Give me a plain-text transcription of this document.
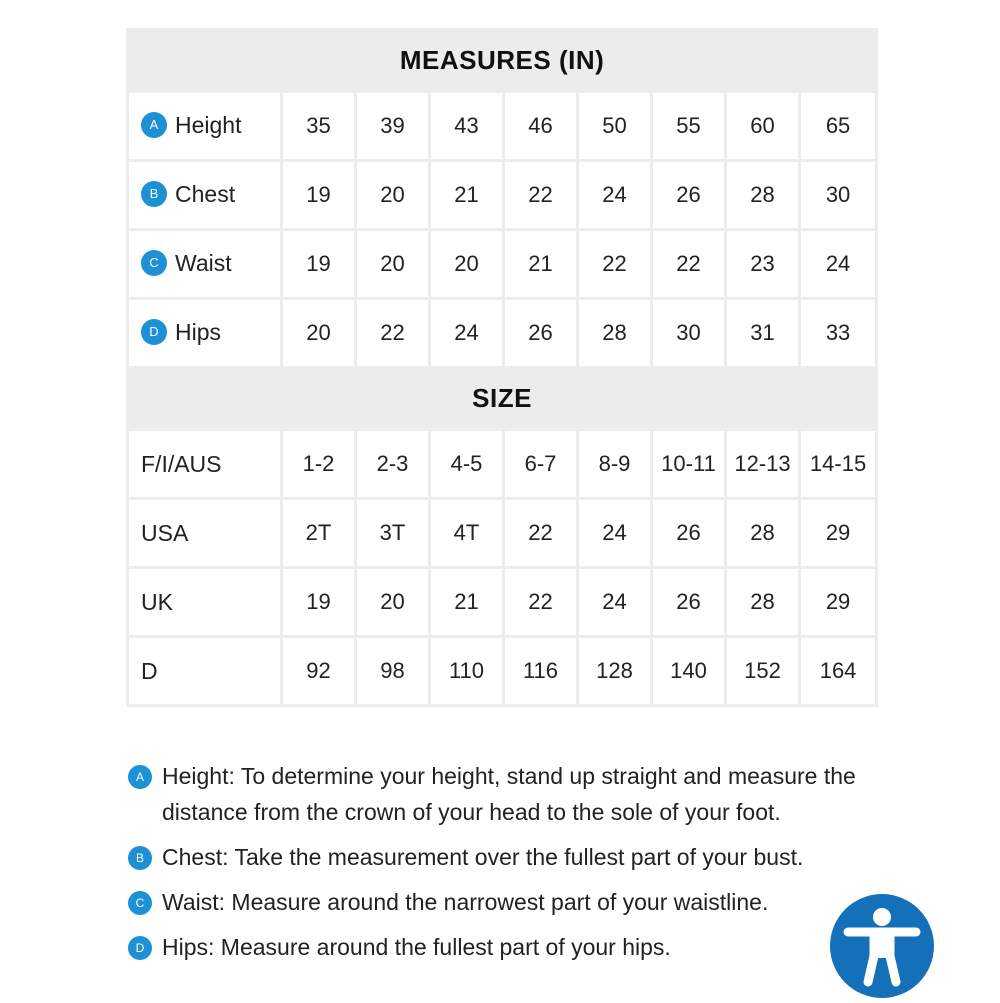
MEASURES (IN)								
A Height	35	39	43	46	50	55	60	65
B Chest	19	20	21	22	24	26	28	30
C Waist	19	20	20	21	22	22	23	24
D Hips	20	22	24	26	28	30	31	33
SIZE								
F/I/AUS	1-2	2-3	4-5	6-7	8-9	10-11	12-13	14-15
USA	2T	3T	4T	22	24	26	28	29
UK	19	20	21	22	24	26	28	29
D	92	98	110	116	128	140	152	164
A Height: To determine your height, stand up straight and measure the distance from the crown of your head to the sole of your foot.
B Chest: Take the measurement over the fullest part of your bust.
C Waist: Measure around the narrowest part of your waistline.
D Hips: Measure around the fullest part of your hips.
